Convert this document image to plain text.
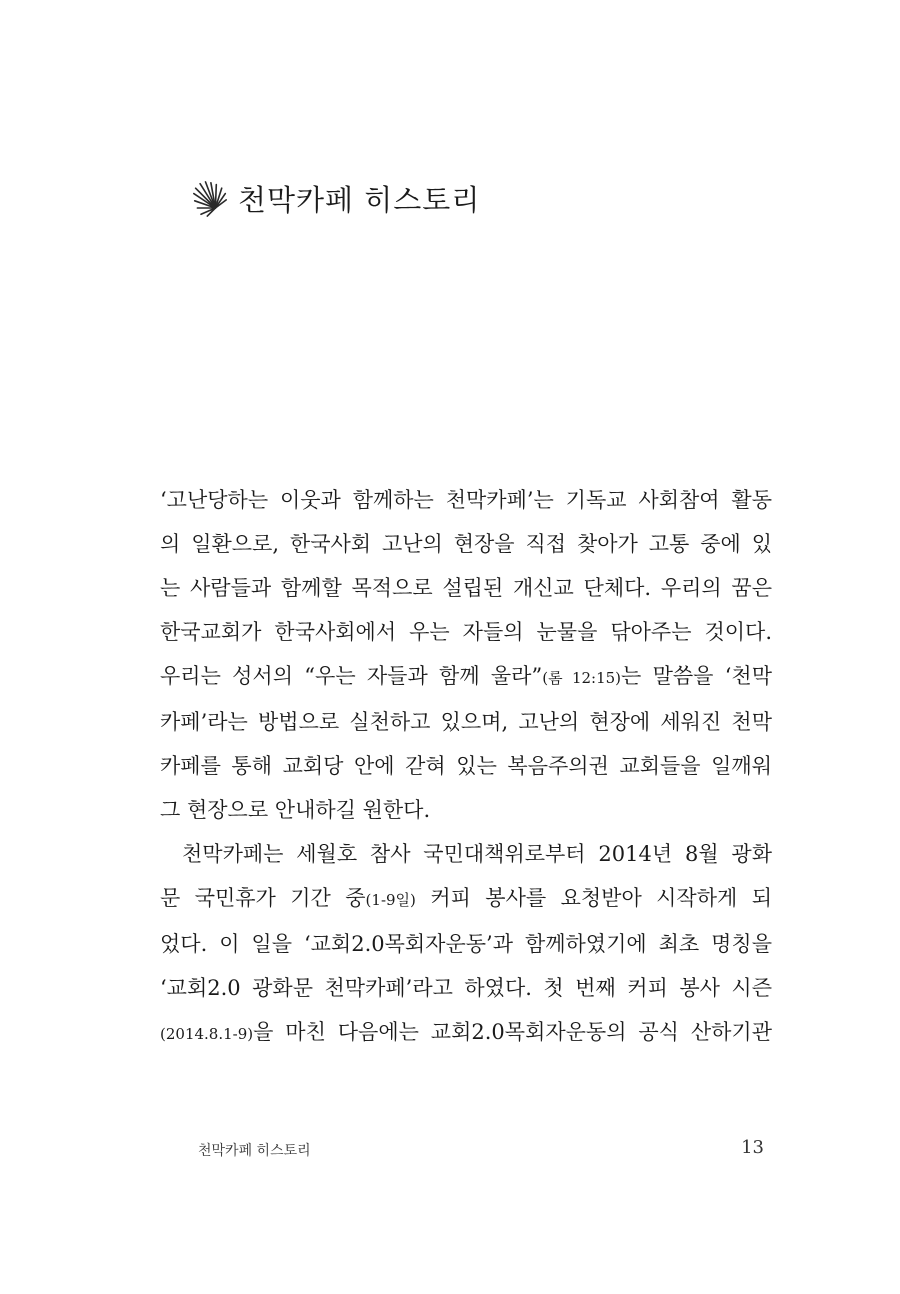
천막카페 히스토리
‘고난당하는 이웃과 함께하는 천막카페’는 기독교 사회참여 활동
의 일환으로, 한국사회 고난의 현장을 직접 찾아가 고통 중에 있
는 사람들과 함께할 목적으로 설립된 개신교 단체다. 우리의 꿈은
한국교회가 한국사회에서 우는 자들의 눈물을 닦아주는 것이다.
우리는 성서의 “우는 자들과 함께 울라”(롬 12:15)는 말씀을 ‘천막
카페’라는 방법으로 실천하고 있으며, 고난의 현장에 세워진 천막
카페를 통해 교회당 안에 갇혀 있는 복음주의권 교회들을 일깨워
그 현장으로 안내하길 원한다.
천막카페는 세월호 참사 국민대책위로부터 2014년 8월 광화
문 국민휴가 기간 중(1-9일) 커피 봉사를 요청받아 시작하게 되
었다. 이 일을 ‘교회2.0목회자운동’과 함께하였기에 최초 명칭을
‘교회2.0 광화문 천막카페’라고 하였다. 첫 번째 커피 봉사 시즌
(2014.8.1-9)을 마친 다음에는 교회2.0목회자운동의 공식 산하기관
천막카페 히스토리	13
